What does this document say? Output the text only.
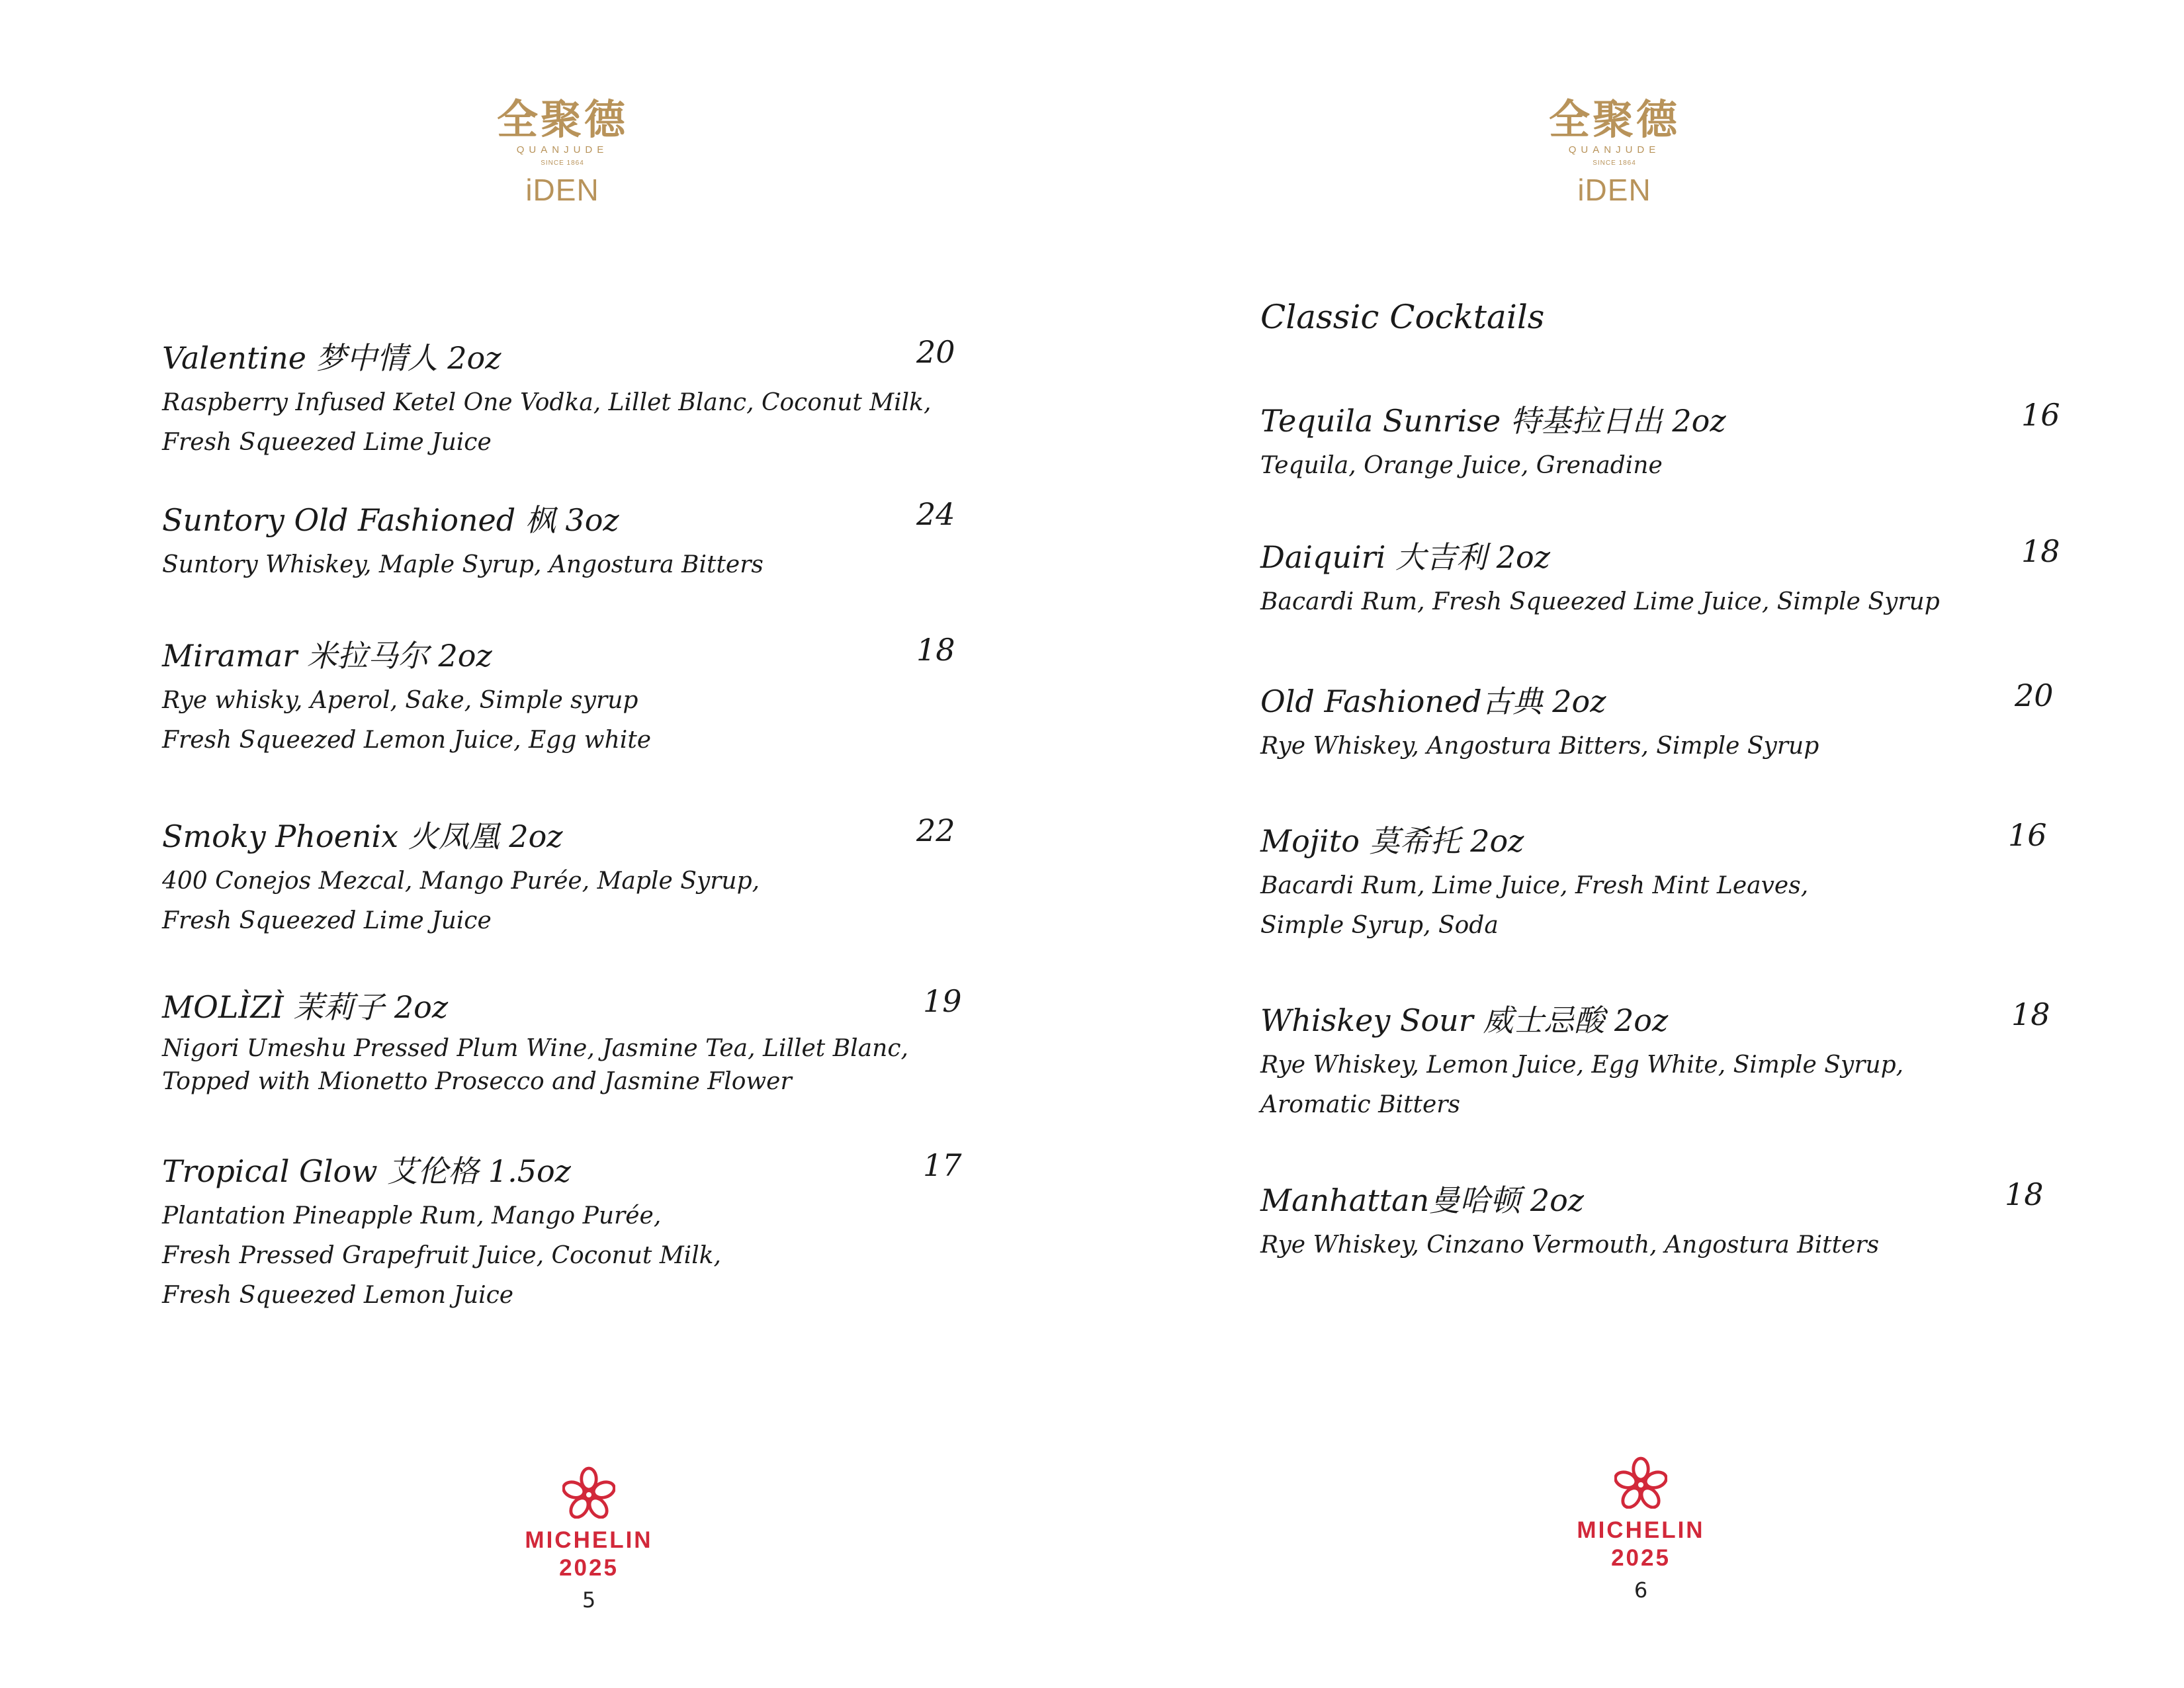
全聚德
QUANJUDE
SINCE 1864
iDEN
Valentine 梦中情人 2oz	20
Raspberry Infused Ketel One Vodka, Lillet Blanc, Coconut Milk,
Fresh Squeezed Lime Juice
Suntory Old Fashioned 枫 3oz	24
Suntory Whiskey, Maple Syrup, Angostura Bitters
Miramar 米拉马尔 2oz	18
Rye whisky, Aperol, Sake, Simple syrup
Fresh Squeezed Lemon Juice, Egg white
Smoky Phoenix 火凤凰 2oz	22
400 Conejos Mezcal, Mango Purée, Maple Syrup,
Fresh Squeezed Lime Juice
MOLÌZÌ 茉莉子 2oz	19
Nigori Umeshu Pressed Plum Wine, Jasmine Tea, Lillet Blanc,
Topped with Mionetto Prosecco and Jasmine Flower
Tropical Glow 艾伦格 1.5oz	17
Plantation Pineapple Rum, Mango Purée,
Fresh Pressed Grapefruit Juice, Coconut Milk,
Fresh Squeezed Lemon Juice
MICHELIN
2025
5
全聚德
QUANJUDE
SINCE 1864
iDEN
Classic Cocktails
Tequila Sunrise 特基拉日出 2oz	16
Tequila, Orange Juice, Grenadine
Daiquiri 大吉利 2oz	18
Bacardi Rum, Fresh Squeezed Lime Juice, Simple Syrup
Old Fashioned古典 2oz	20
Rye Whiskey, Angostura Bitters, Simple Syrup
Mojito 莫希托 2oz	16
Bacardi Rum, Lime Juice, Fresh Mint Leaves,
Simple Syrup, Soda
Whiskey Sour 威士忌酸 2oz	18
Rye Whiskey, Lemon Juice, Egg White, Simple Syrup,
Aromatic Bitters
Manhattan曼哈顿 2oz	18
Rye Whiskey, Cinzano Vermouth, Angostura Bitters
MICHELIN
2025
6
